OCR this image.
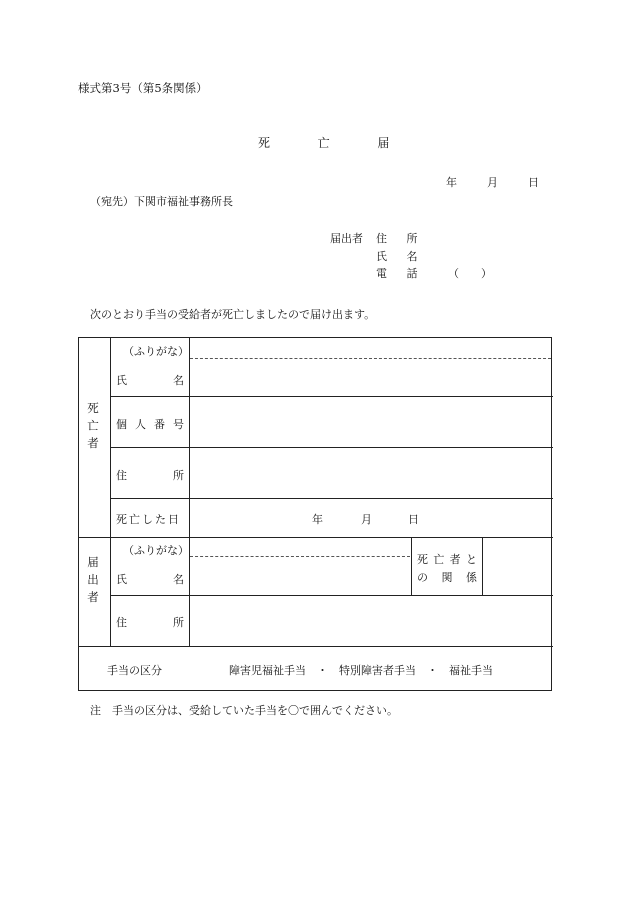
様式第3号（第5条関係）
死	亡	届
年	月	日
（宛先）下関市福祉事務所長
届出者	住 所
氏 名
電 話	（　　）
次のとおり手当の受給者が死亡しましたので届け出ます。
死亡者
（ふりがな）
氏	名
個 人 番 号
住	所
死亡した日	年	月	日
届出者
（ふりがな）
氏	名
死 亡 者 と
の 関 係
住	所
手当の区分	障害児福祉手当　・　特別障害者手当　・　福祉手当
注　手当の区分は、受給していた手当を〇で囲んでください。
